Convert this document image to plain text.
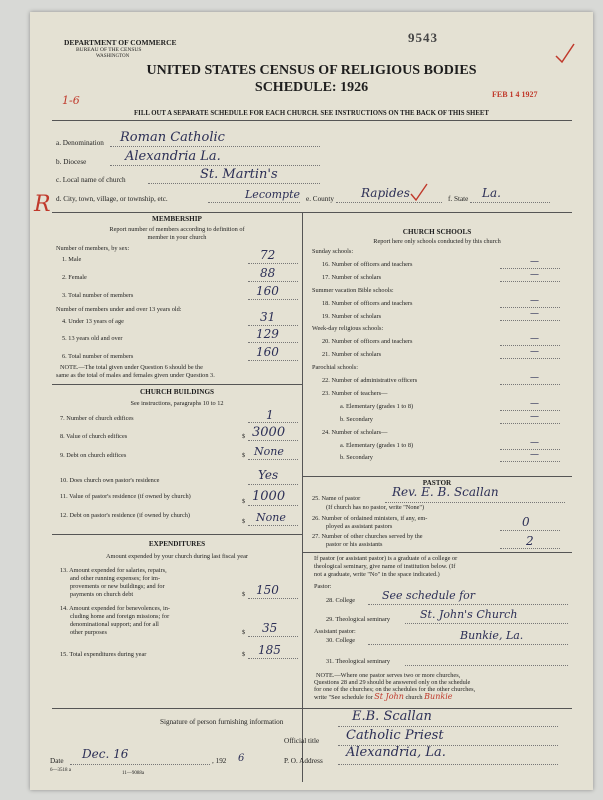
DEPARTMENT OF COMMERCE
BUREAU OF THE CENSUS
WASHINGTON
9543
UNITED STATES CENSUS OF RELIGIOUS BODIES
SCHEDULE: 1926	FEB 1 4 1927
1-6
FILL OUT A SEPARATE SCHEDULE FOR EACH CHURCH. SEE INSTRUCTIONS ON THE BACK OF THIS SHEET
a. Denomination Roman Catholic
b. Diocese	Alexandria La.
c. Local name of church	St. Martin's
R d. City, town, village, or township, etc.	Lecompte e. County Rapides	f. State La.
MEMBERSHIP
Report number of members according to definition of
member in your church
Number of members, by sex:
1. Male	72
2. Female	88
3. Total number of members	160
Number of members under and over 13 years old:
4. Under 13 years of age	31
5. 13 years old and over	129
6. Total number of members	160
NOTE.—The total given under Question 6 should be the
same as the total of males and females given under Question 3.
CHURCH BUILDINGS
See instructions, paragraphs 10 to 12
7. Number of church edifices	1
8. Value of church edifices	$ 3000
9. Debt on church edifices	$ None
10. Does church own pastor's residence	Yes
11. Value of pastor's residence (if owned by church)
$ 1000
12. Debt on pastor's residence (if owned by church)
$ None
EXPENDITURES
Amount expended by your church during last fiscal year
13. Amount expended for salaries, repairs,
and other running expenses; for im-
provements or new buildings; and for
payments on church debt	$ 150
14. Amount expended for benevolences, in-
cluding home and foreign missions; for
denominational support; and for all
other purposes	$ 35
15. Total expenditures during year	$ 185
CHURCH SCHOOLS
Report here only schools conducted by this church
PASTOR
25. Name of pastor	Rev. E. B. Scallan
(If church has no pastor, write "None")
26. Number of ordained ministers, if any, em-
ployed as assistant pastors	0
27. Number of other churches served by the
pastor or his assistants	2
If pastor (or assistant pastor) is a graduate of a college or
theological seminary, give name of institution below. (If
not a graduate, write "No" in the space indicated.)
Pastor:
28. College See schedule for
29. Theological seminary	St. John's Church
Assistant pastor:
30. College	Bunkie, La.
31. Theological seminary
NOTE.—Where one pastor serves two or more churches,
Questions 28 and 29 should be answered only on the schedule
for one of the churches; on the schedules for the other churches,
write "See schedule for St John church Bunkie
Signature of person furnishing information	E.B. Scallan
Official title Catholic Priest
Date Dec. 16	, 192 6	P. O. Address
Alexandria, La.
6—3518 a
11—9088a
Sunday schools:
16. Number of officers and teachers	—
17. Number of scholars	—
Summer vacation Bible schools:
18. Number of officers and teachers	—
19. Number of scholars	—
Week-day religious schools:
20. Number of officers and teachers	—
21. Number of scholars	—
Parochial schools:
22. Number of administrative officers	—
23. Number of teachers—
a. Elementary (grades 1 to 8)	—
b. Secondary	—
24. Number of scholars—
a. Elementary (grades 1 to 8)	—
b. Secondary	—
